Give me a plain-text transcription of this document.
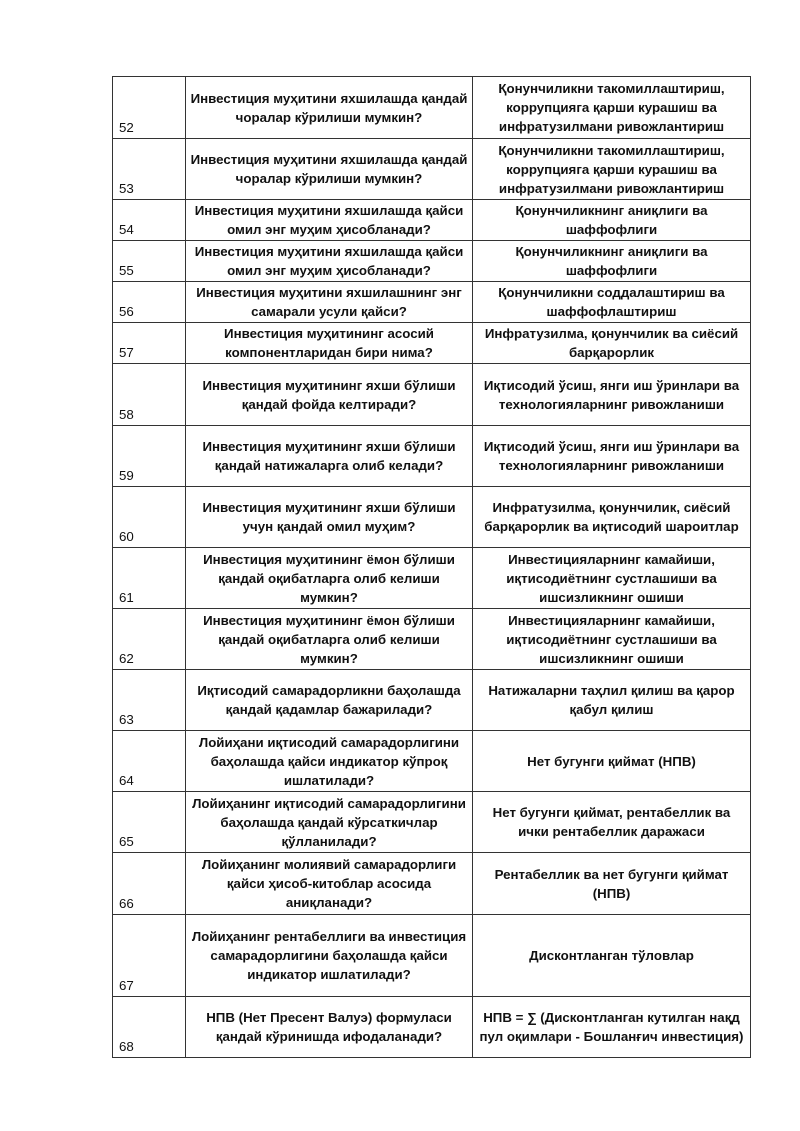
52	Инвестиция муҳитини яхшилашда қандай чоралар кўрилиши мумкин?	Қонунчиликни такомиллаштириш, коррупцияга қарши курашиш ва инфратузилмани ривожлантириш
53	Инвестиция муҳитини яхшилашда қандай чоралар кўрилиши мумкин?	Қонунчиликни такомиллаштириш, коррупцияга қарши курашиш ва инфратузилмани ривожлантириш
54	Инвестиция муҳитини яхшилашда қайси омил энг муҳим ҳисобланади?	Қонунчиликнинг аниқлиги ва шаффофлиги
55	Инвестиция муҳитини яхшилашда қайси омил энг муҳим ҳисобланади?	Қонунчиликнинг аниқлиги ва шаффофлиги
56	Инвестиция муҳитини яхшилашнинг энг самарали усули қайси?	Қонунчиликни соддалаштириш ва шаффофлаштириш
57	Инвестиция муҳитининг асосий компонентларидан бири нима?	Инфратузилма, қонунчилик ва сиёсий барқарорлик
58	Инвестиция муҳитининг яхши бўлиши қандай фойда келтиради?	Иқтисодий ўсиш, янги иш ўринлари ва технологияларнинг ривожланиши
59	Инвестиция муҳитининг яхши бўлиши қандай натижаларга олиб келади?	Иқтисодий ўсиш, янги иш ўринлари ва технологияларнинг ривожланиши
60	Инвестиция муҳитининг яхши бўлиши учун қандай омил муҳим?	Инфратузилма, қонунчилик, сиёсий барқарорлик ва иқтисодий шароитлар
61	Инвестиция муҳитининг ёмон бўлиши қандай оқибатларга олиб келиши мумкин?	Инвестицияларнинг камайиши, иқтисодиётнинг сустлашиши ва ишсизликнинг ошиши
62	Инвестиция муҳитининг ёмон бўлиши қандай оқибатларга олиб келиши мумкин?	Инвестицияларнинг камайиши, иқтисодиётнинг сустлашиши ва ишсизликнинг ошиши
63	Иқтисодий самарадорликни баҳолашда қандай қадамлар бажарилади?	Натижаларни таҳлил қилиш ва қарор қабул қилиш
64	Лойиҳани иқтисодий самарадорлигини баҳолашда қайси индикатор кўпроқ ишлатилади?	Нет бугунги қиймат (НПВ)
65	Лойиҳанинг иқтисодий самарадорлигини баҳолашда қандай кўрсаткичлар қўлланилади?	Нет бугунги қиймат, рентабеллик ва ички рентабеллик даражаси
66	Лойиҳанинг молиявий самарадорлиги қайси ҳисоб-китоблар асосида аниқланади?	Рентабеллик ва нет бугунги қиймат (НПВ)
67	Лойиҳанинг рентабеллиги ва инвестиция самарадорлигини баҳолашда қайси индикатор ишлатилади?	Дисконтланган тўловлар
68	НПВ (Нет Пресент Валуэ) формуласи қандай кўринишда ифодаланади?	НПВ = ∑ (Дисконтланган кутилган нақд пул оқимлари - Бошланғич инвестиция)
